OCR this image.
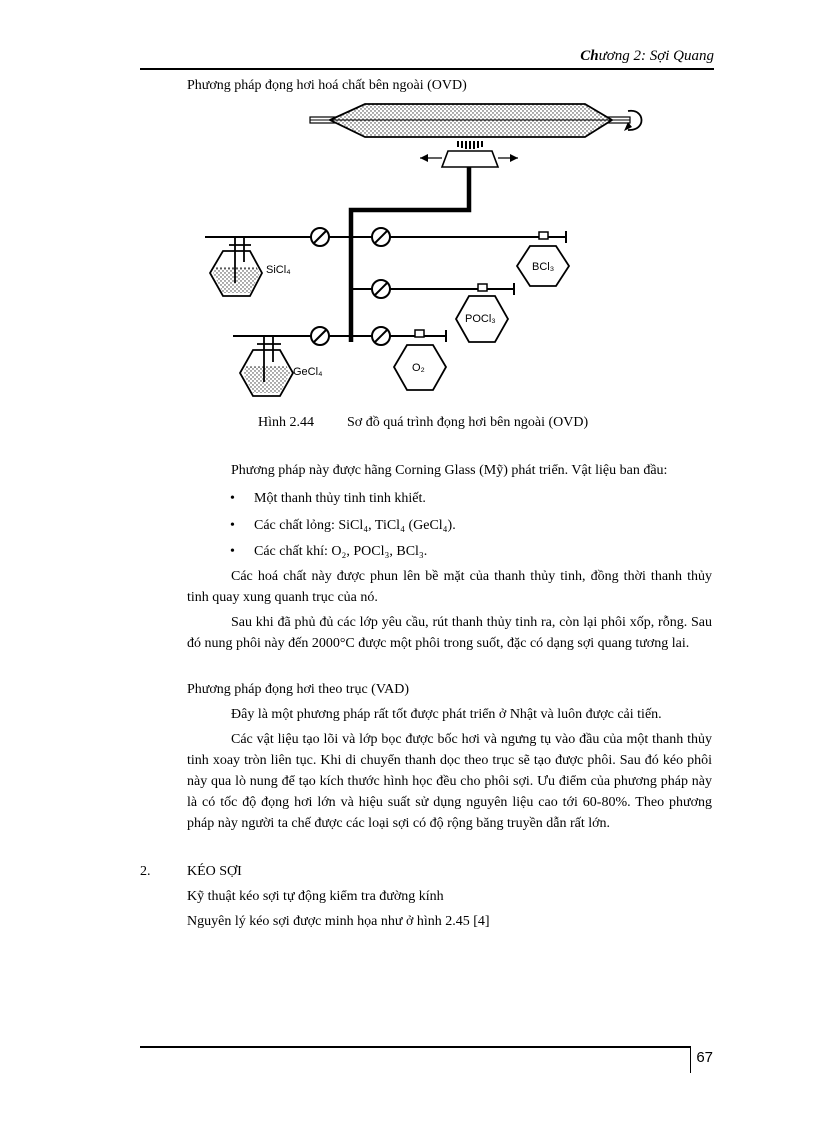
Chương 2: Sợi Quang
Phương pháp đọng hơi hoá chất bên ngoài (OVD)
SiCl₄
GeCl₄
BCl₃
POCl₃
O₂
Hình 2.44 Sơ đồ quá trình đọng hơi bên ngoài (OVD)
Phương pháp này được hãng Corning Glass (Mỹ) phát triển. Vật liệu ban đầu:
• Một thanh thủy tinh tinh khiết.
• Các chất lỏng: SiCl₄, TiCl₄ (GeCl₄).
• Các chất khí: O₂, POCl₃, BCl₃.
Các hoá chất này được phun lên bề mặt của thanh thủy tinh, đồng thời thanh thủy tinh quay xung quanh trục của nó.
Sau khi đã phủ đủ các lớp yêu cầu, rút thanh thủy tinh ra, còn lại phôi xốp, rỗng. Sau đó nung phôi này đến 2000°C được một phôi trong suốt, đặc có dạng sợi quang tương lai.
Phương pháp đọng hơi theo trục (VAD)
Đây là một phương pháp rất tốt được phát triển ở Nhật và luôn được cải tiến.
Các vật liệu tạo lõi và lớp bọc được bốc hơi và ngưng tụ vào đầu của một thanh thủy tinh xoay tròn liên tục. Khi di chuyển thanh dọc theo trục sẽ tạo được phôi. Sau đó kéo phôi này qua lò nung để tạo kích thước hình học đều cho phôi sợi. Ưu điểm của phương pháp này là có tốc độ đọng hơi lớn và hiệu suất sử dụng nguyên liệu cao tới 60-80%. Theo phương pháp này người ta chế được các loại sợi có độ rộng băng truyền dẫn rất lớn.
2.	KÉO SỢI
Kỹ thuật kéo sợi tự động kiểm tra đường kính
Nguyên lý kéo sợi được minh họa như ở hình 2.45 [4]
67
